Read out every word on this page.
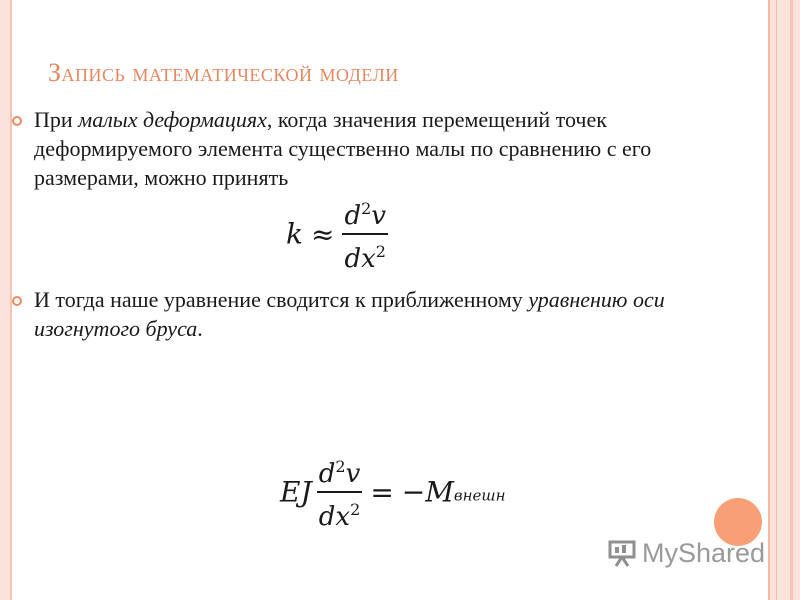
Запись математической модели
При малых деформациях, когда значения перемещений точек деформируемого элемента существенно малы по сравнению с его размерами, можно принять
$k \approx \frac{d^2v}{dx^2}$
И тогда наше уравнение сводится к приближенному уравнению оси изогнутого бруса.
EJ $\frac{d^2v}{dx^2}$ = −Mвнешн
MyShared
